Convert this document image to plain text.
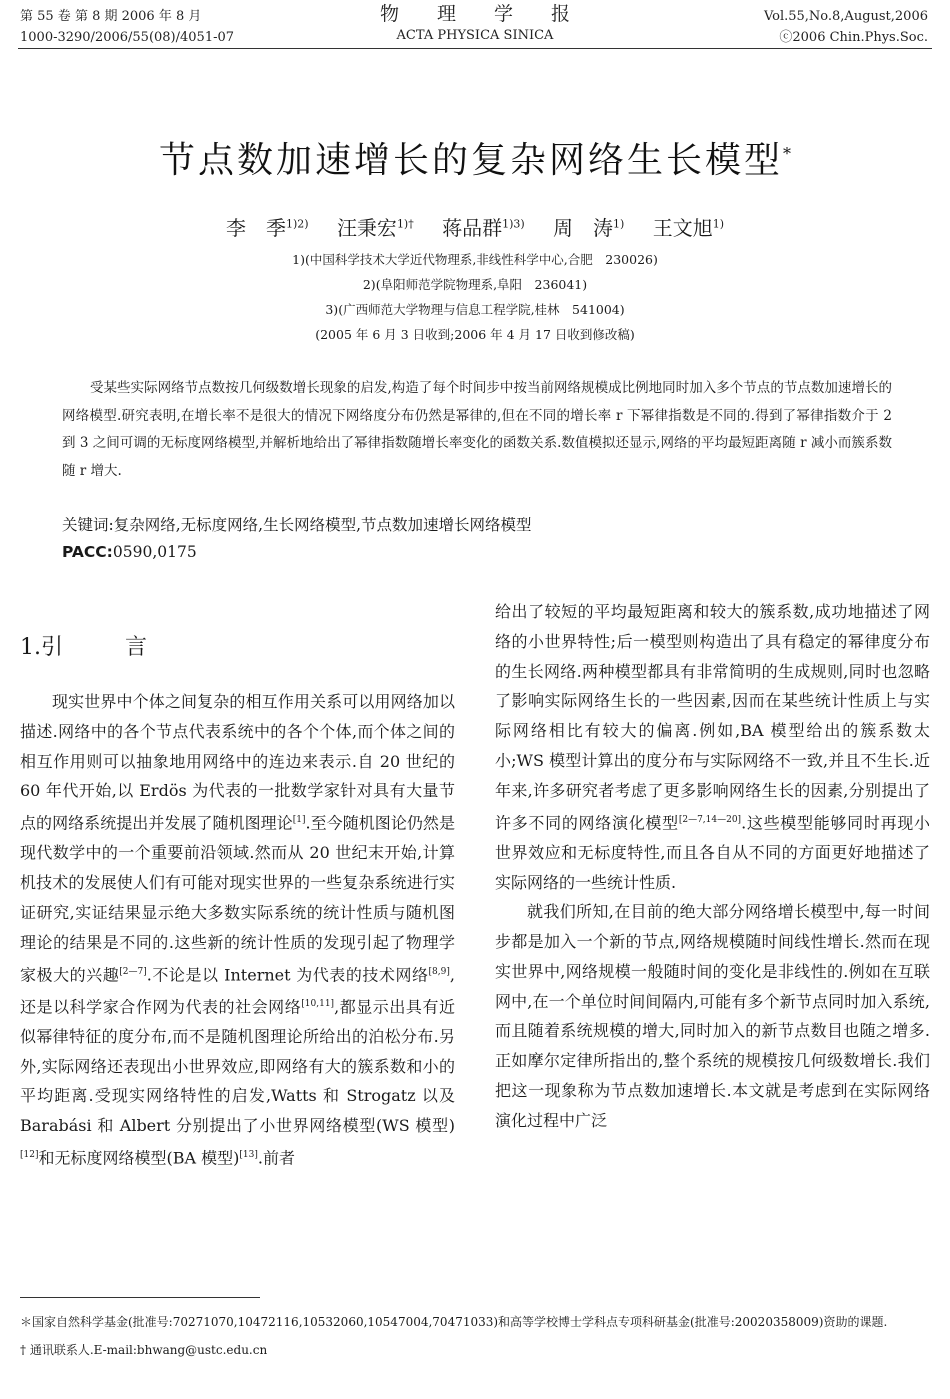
第 55 卷 第 8 期 2006 年 8 月
1000-3290/2006/55(08)/4051-07
物 理 学 报
ACTA PHYSICA SINICA
Vol.55,No.8,August,2006
ⓒ2006 Chin.Phys.Soc.
节点数加速增长的复杂网络生长模型*
李　季$^{1)2)}$ 汪秉宏$^{1)\dagger}$ 蒋品群$^{1)3)}$ 周　涛$^{1)}$ 王文旭$^{1)}$
1)(中国科学技术大学近代物理系,非线性科学中心,合肥　230026)
2)(阜阳师范学院物理系,阜阳　236041)
3)(广西师范大学物理与信息工程学院,桂林　541004)
(2005 年 6 月 3 日收到;2006 年 4 月 17 日收到修改稿)

受某些实际网络节点数按几何级数增长现象的启发,构造了每个时间步中按当前网络规模成比例地同时加入多个节点的节点数加速增长的网络模型.研究表明,在增长率不是很大的情况下网络度分布仍然是幂律的,但在不同的增长率 r 下幂律指数是不同的.得到了幂律指数介于 2 到 3 之间可调的无标度网络模型,并解析地给出了幂律指数随增长率变化的函数关系.数值模拟还显示,网络的平均最短距离随 r 减小而簇系数随 r 增大.

关键词:复杂网络,无标度网络,生长网络模型,节点数加速增长网络模型
PACC:0590,0175
1.引	言

现实世界中个体之间复杂的相互作用关系可以用网络加以描述.网络中的各个节点代表系统中的各个个体,而个体之间的相互作用则可以抽象地用网络中的连边来表示.自 20 世纪的 60 年代开始,以 Erdös 为代表的一批数学家针对具有大量节点的网络系统提出并发展了随机图理论[1].至今随机图论仍然是现代数学中的一个重要前沿领域.然而从 20 世纪末开始,计算机技术的发展使人们有可能对现实世界的一些复杂系统进行实证研究,实证结果显示绝大多数实际系统的统计性质与随机图理论的结果是不同的.这些新的统计性质的发现引起了物理学家极大的兴趣[2—7].不论是以 Internet 为代表的技术网络[8,9],还是以科学家合作网为代表的社会网络[10,11],都显示出具有近似幂律特征的度分布,而不是随机图理论所给出的泊松分布.另外,实际网络还表现出小世界效应,即网络有大的簇系数和小的平均距离.受现实网络特性的启发,Watts 和 Strogatz 以及 Barabási 和 Albert 分别提出了小世界网络模型(WS 模型)[12]和无标度网络模型(BA 模型)[13].前者

给出了较短的平均最短距离和较大的簇系数,成功地描述了网络的小世界特性;后一模型则构造出了具有稳定的幂律度分布的生长网络.两种模型都具有非常简明的生成规则,同时也忽略了影响实际网络生长的一些因素,因而在某些统计性质上与实际网络相比有较大的偏离.例如,BA 模型给出的簇系数太小;WS 模型计算出的度分布与实际网络不一致,并且不生长.近年来,许多研究者考虑了更多影响网络生长的因素,分别提出了许多不同的网络演化模型[2—7,14—20].这些模型能够同时再现小世界效应和无标度特性,而且各自从不同的方面更好地描述了实际网络的一些统计性质.

就我们所知,在目前的绝大部分网络增长模型中,每一时间步都是加入一个新的节点,网络规模随时间线性增长.然而在现实世界中,网络规模一般随时间的变化是非线性的.例如在互联网中,在一个单位时间间隔内,可能有多个新节点同时加入系统,而且随着系统规模的增大,同时加入的新节点数目也随之增多.正如摩尔定律所指出的,整个系统的规模按几何级数增长.我们把这一现象称为节点数加速增长.本文就是考虑到在实际网络演化过程中广泛

＊国家自然科学基金(批准号:70271070,10472116,10532060,10547004,70471033)和高等学校博士学科点专项科研基金(批准号:20020358009)资助的课题.

† 通讯联系人.E-mail:bhwang@ustc.edu.cn
